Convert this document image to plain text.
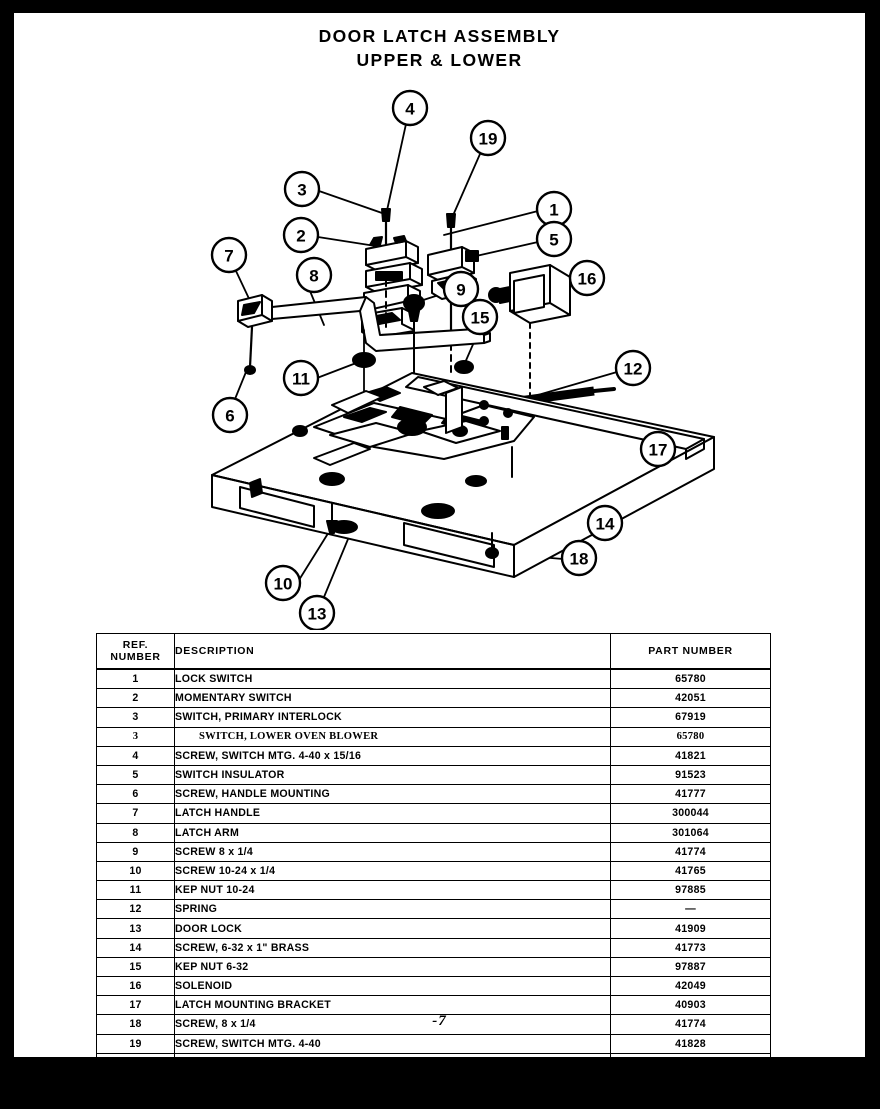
DOOR LATCH ASSEMBLY
UPPER & LOWER
4
19
3
1
2	5
7
8
9
16
15
11
12
6
17
14
18
10
13
REF.
NUMBER	DESCRIPTION	PART NUMBER
1	LOCK SWITCH	65780
2	MOMENTARY SWITCH	42051
3	SWITCH, PRIMARY INTERLOCK	67919
3	SWITCH, LOWER OVEN BLOWER	65780
4	SCREW, SWITCH MTG. 4-40 x 15/16	41821
5	SWITCH INSULATOR	91523
6	SCREW, HANDLE MOUNTING	41777
7	LATCH HANDLE	300044
8	LATCH ARM	301064
9	SCREW 8 x 1/4	41774
10	SCREW 10-24 x 1/4	41765
11	KEP NUT 10-24	97885
12	SPRING	—
13	DOOR LOCK	41909
14	SCREW, 6-32 x 1" BRASS	41773
15	KEP NUT 6-32	97887
16	SOLENOID	42049
17	LATCH MOUNTING BRACKET	40903
18	SCREW, 8 x 1/4	41774
19	SCREW, SWITCH MTG. 4-40	41828

-7
